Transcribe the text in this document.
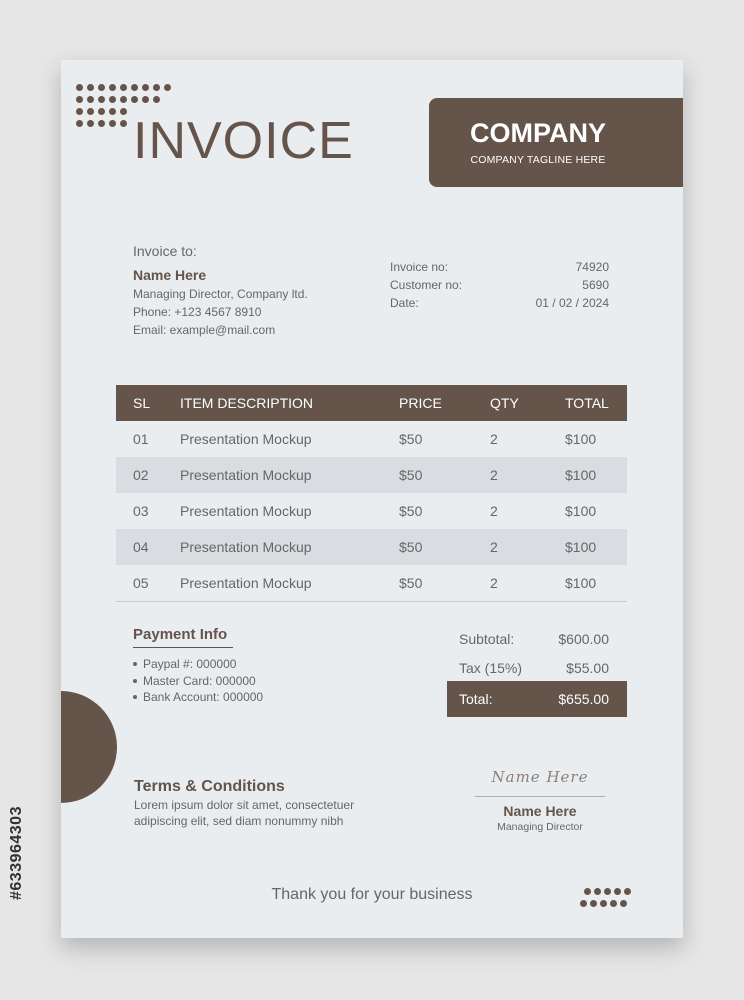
INVOICE	COMPANY
COMPANY TAGLINE HERE
Invoice to:
Name Here
Managing Director, Company ltd.
Phone: +123 4567 8910
Email: example@mail.com
Invoice no:	74920
Customer no:	5690
Date:	01 / 02 / 2024
SL	ITEM DESCRIPTION	PRICE	QTY	TOTAL
01	Presentation Mockup	$50	2	$100
02	Presentation Mockup	$50	2	$100
03	Presentation Mockup	$50	2	$100
04	Presentation Mockup	$50	2	$100
05	Presentation Mockup	$50	2	$100
Payment Info
Paypal #: 000000
Master Card: 000000
Bank Account: 000000
Subtotal:	$600.00
Tax (15%)	$55.00
Total:	$655.00
Terms & Conditions
Lorem ipsum dolor sit amet, consectetuer adipiscing elit, sed diam nonummy nibh
Name Here
Name Here
Managing Director
Thank you for your business
#633964303
